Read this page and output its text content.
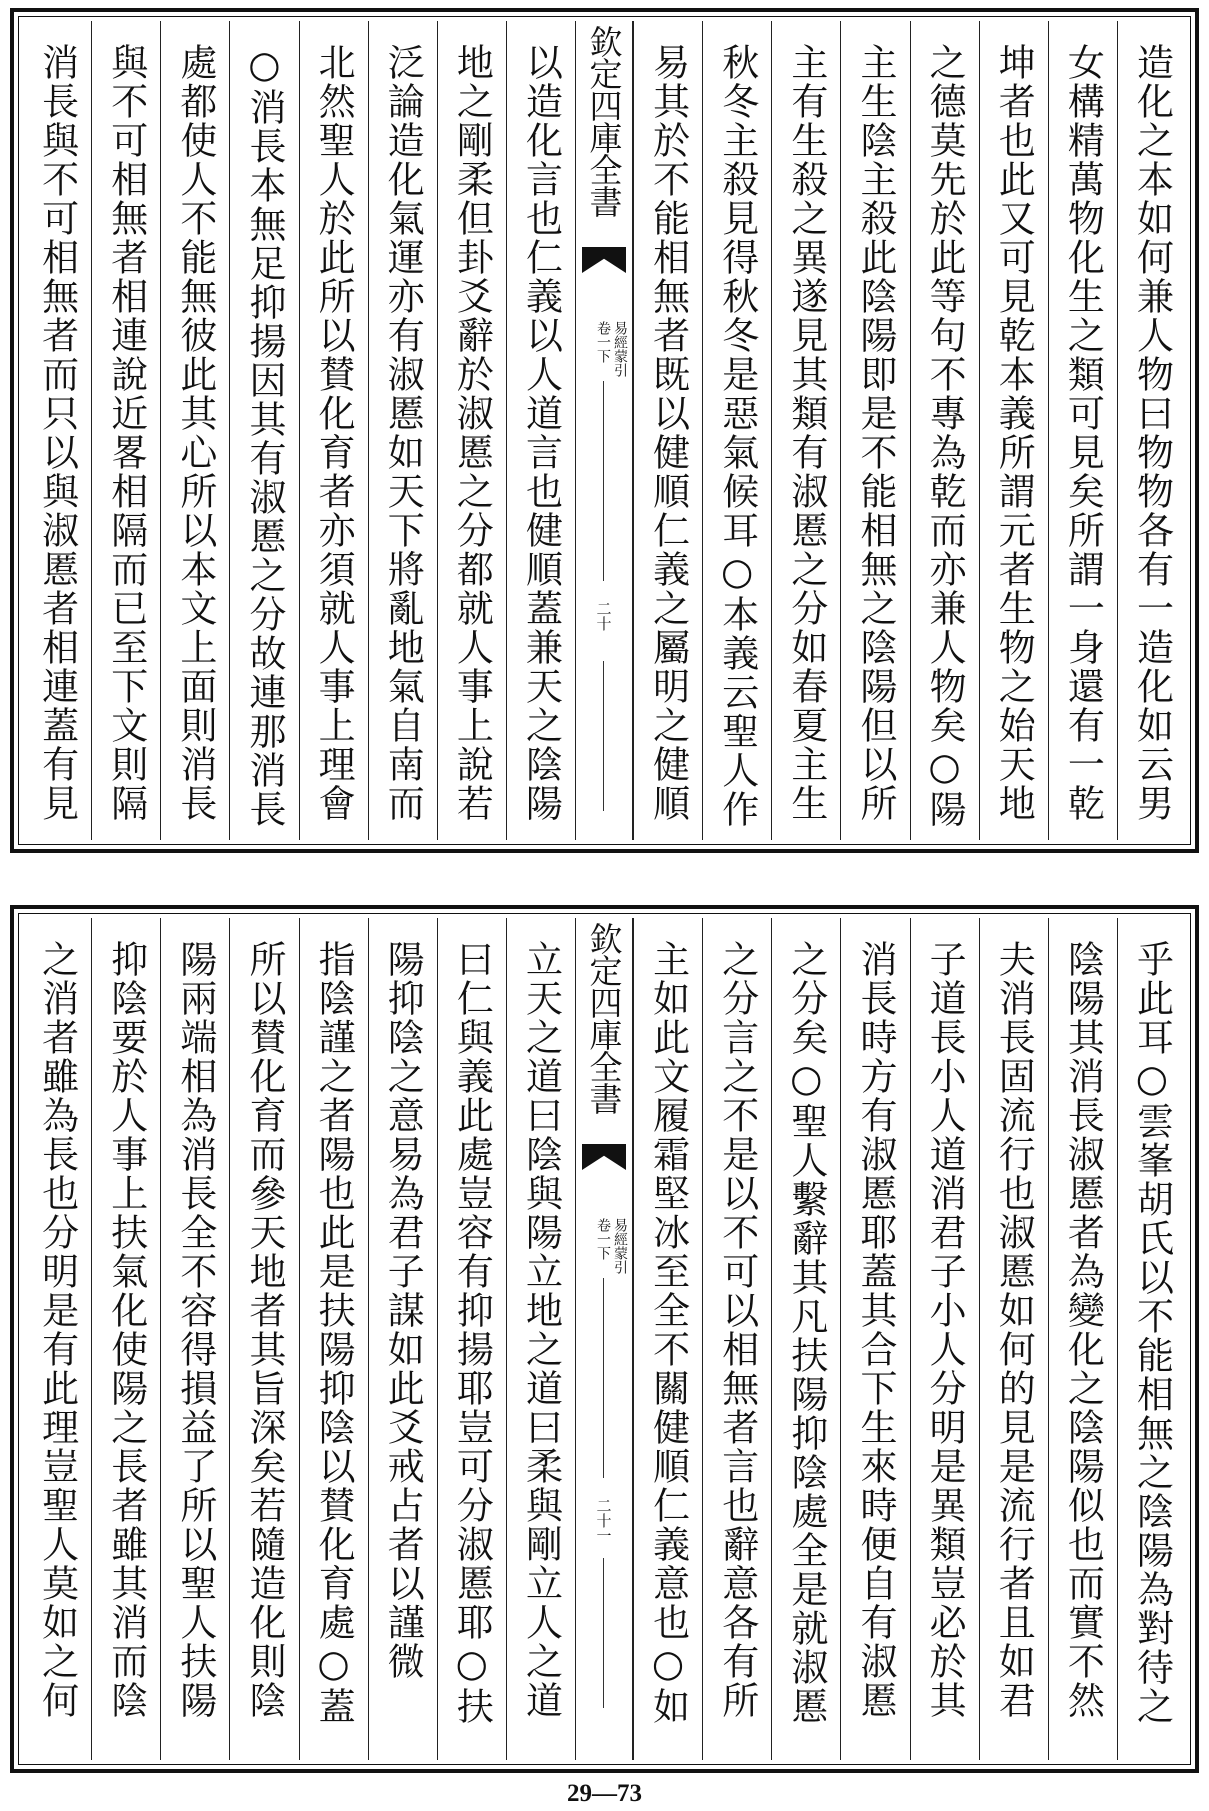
造化之本如何兼人物曰物物各有一造化如云男
女構精萬物化生之類可見矣所謂一身還有一乾
坤者也此又可見乾本義所謂元者生物之始天地
之德莫先於此等句不專為乾而亦兼人物矣○陽
主生陰主殺此陰陽即是不能相無之陰陽但以所
主有生殺之異遂見其類有淑慝之分如春夏主生
秋冬主殺見得秋冬是惡氣候耳○本義云聖人作
易其於不能相無者既以健順仁義之屬明之健順
欽定四庫全書
易經蒙引
卷一下
二十
以造化言也仁義以人道言也健順蓋兼天之陰陽
地之剛柔但卦爻辭於淑慝之分都就人事上說若
泛論造化氣運亦有淑慝如天下將亂地氣自南而
北然聖人於此所以賛化育者亦須就人事上理會
○消長本無足抑揚因其有淑慝之分故連那消長
處都使人不能無彼此其心所以本文上面則消長
與不可相無者相連說近畧相隔而已至下文則隔
消長與不可相無者而只以與淑慝者相連蓋有見
乎此耳○雲峯胡氏以不能相無之陰陽為對待之
陰陽其消長淑慝者為變化之陰陽似也而實不然
夫消長固流行也淑慝如何的見是流行者且如君
子道長小人道消君子小人分明是異類豈必於其
消長時方有淑慝耶蓋其合下生來時便自有淑慝
之分矣○聖人繫辭其凡扶陽抑陰處全是就淑慝
之分言之不是以不可以相無者言也辭意各有所
主如此文履霜堅冰至全不關健順仁義意也○如
欽定四庫全書
易經蒙引
卷一下
二十一
立天之道曰陰與陽立地之道曰柔與剛立人之道
曰仁與義此處豈容有抑揚耶豈可分淑慝耶○扶
陽抑陰之意易為君子謀如此爻戒占者以謹微
指陰謹之者陽也此是扶陽抑陰以賛化育處○蓋
所以賛化育而參天地者其旨深矣若隨造化則陰
陽兩端相為消長全不容得損益了所以聖人扶陽
抑陰要於人事上扶氣化使陽之長者雖其消而陰
之消者雖為長也分明是有此理豈聖人莫如之何
29—73
